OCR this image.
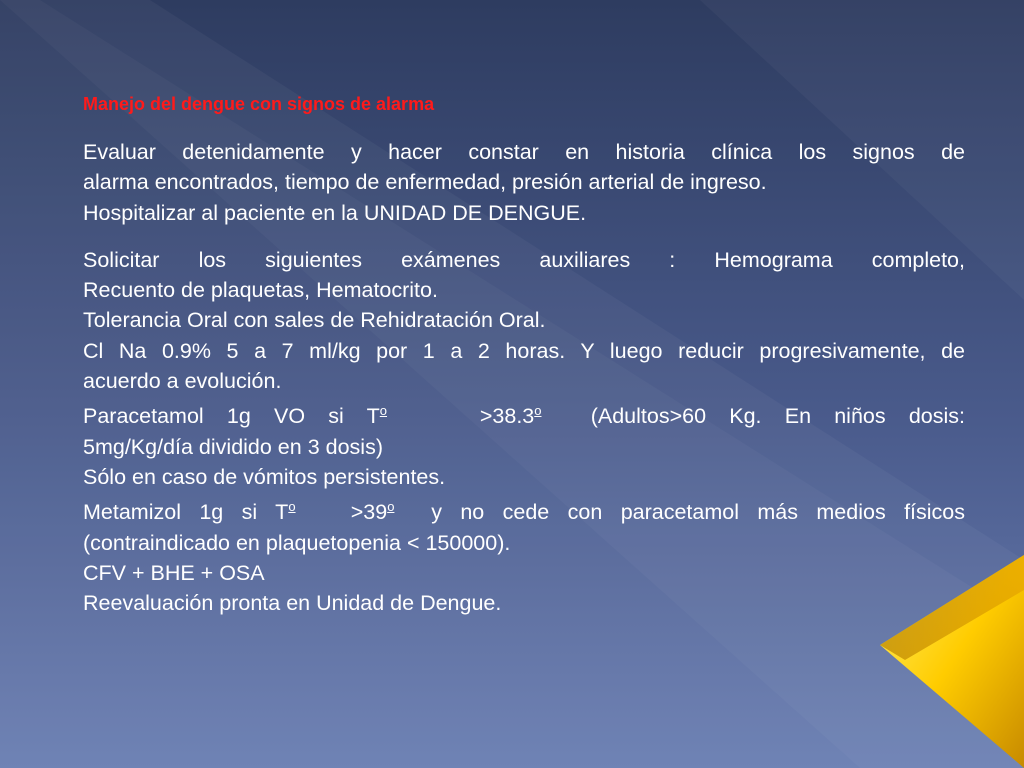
Manejo del dengue con signos de alarma
Evaluar detenidamente y hacer constar en historia clínica los signos de
alarma encontrados, tiempo de enfermedad, presión arterial de ingreso.
Hospitalizar al paciente en la UNIDAD DE DENGUE.
Solicitar los siguientes exámenes auxiliares : Hemograma completo,
Recuento de plaquetas, Hematocrito.
Tolerancia Oral con sales de Rehidratación Oral.
Cl Na 0.9% 5 a 7 ml/kg por 1 a 2 horas. Y luego reducir progresivamente, de
acuerdo a evolución.
Paracetamol 1g VO si $T^o$	$>38.3^o$ (Adultos>60 Kg. En niños dosis:
5mg/Kg/día dividido en 3 dosis)
Sólo en caso de vómitos persistentes.
Metamizol 1g si $T^o$	$>39^o$ y no cede con paracetamol más medios físicos
(contraindicado en plaquetopenia < 150000).
CFV + BHE + OSA
Reevaluación pronta en Unidad de Dengue.
